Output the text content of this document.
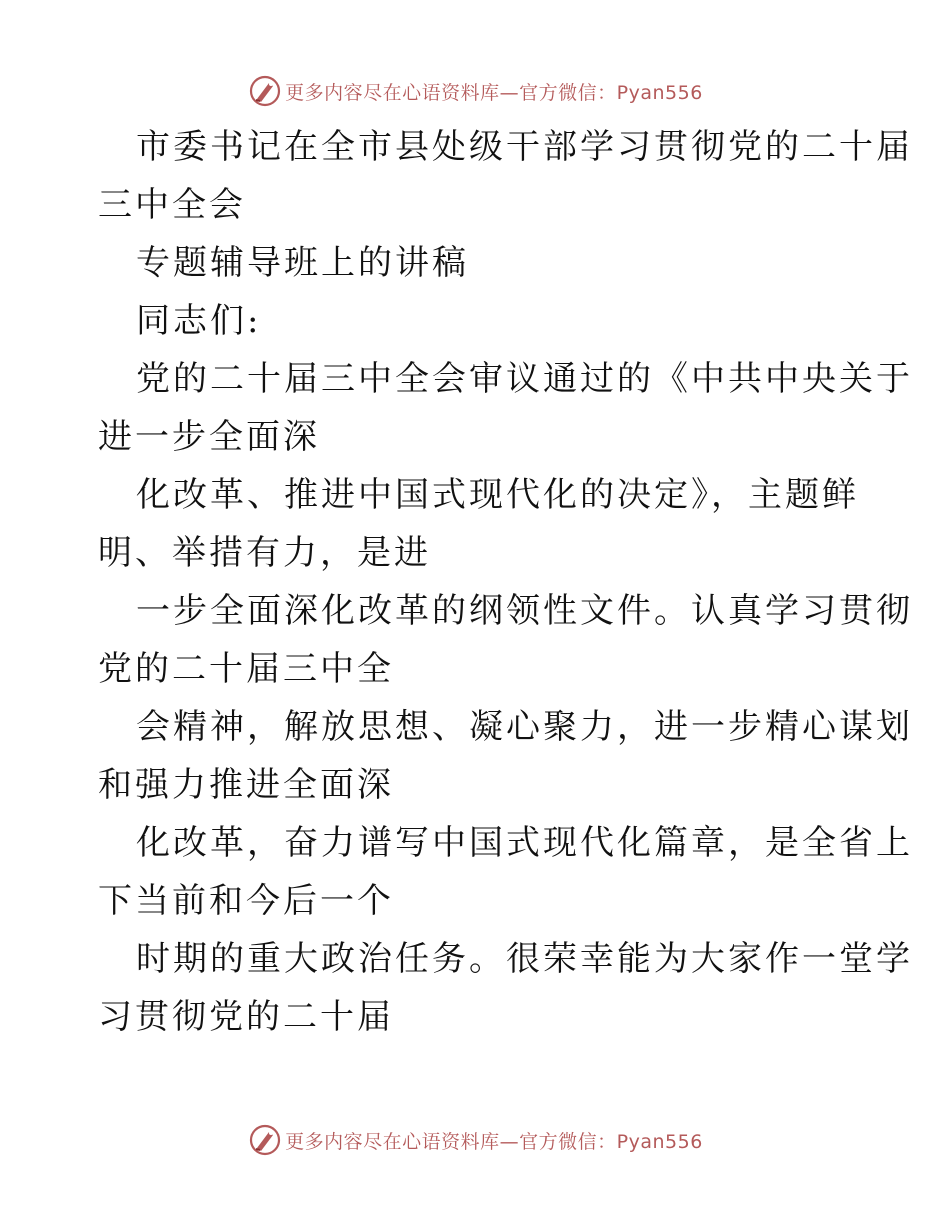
更多内容尽在心语资料库—官方微信：Pyan556
市委书记在全市县处级干部学习贯彻党的二十届
三中全会
专题辅导班上的讲稿
同志们:
党的二十届三中全会审议通过的《中共中央关于
进一步全面深
化改革、推进中国式现代化的决定》，主题鲜
明、举措有力，是进
一步全面深化改革的纲领性文件。认真学习贯彻
党的二十届三中全
会精神，解放思想、凝心聚力，进一步精心谋划
和强力推进全面深
化改革，奋力谱写中国式现代化篇章，是全省上
下当前和今后一个
时期的重大政治任务。很荣幸能为大家作一堂学
习贯彻党的二十届
更多内容尽在心语资料库—官方微信：Pyan556
